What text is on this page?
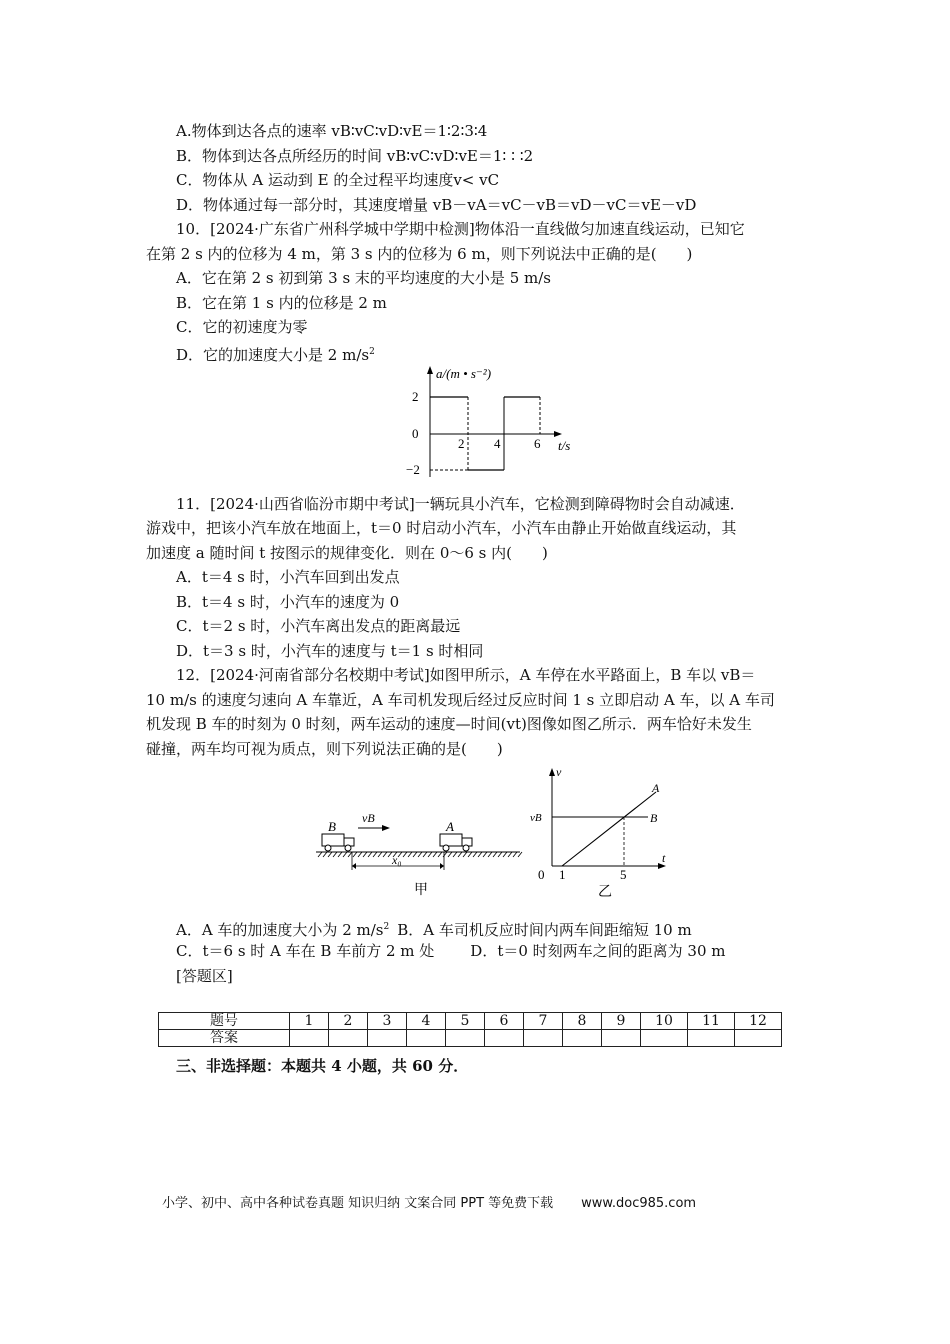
A.物体到达各点的速率 vB∶vC∶vD∶vE＝1∶2∶3∶4
B．物体到达各点所经历的时间 vB∶vC∶vD∶vE＝1∶ ∶ ∶2
C．物体从 A 运动到 E 的全过程平均速度v< vC
D．物体通过每一部分时，其速度增量 vB－vA＝vC－vB＝vD－vC＝vE－vD
10．[2024·广东省广州科学城中学期中检测]物体沿一直线做匀加速直线运动，已知它
在第 2 s 内的位移为 4 m，第 3 s 内的位移为 6 m，则下列说法中正确的是(　　)
A．它在第 2 s 初到第 3 s 末的平均速度的大小是 5 m/s
B．它在第 1 s 内的位移是 2 m
C．它的初速度为零
D．它的加速度大小是 2 $m/s^2$
a/(m • s⁻²)
2
0
−2
2 4	6 t/s
11．[2024·山西省临汾市期中考试]一辆玩具小汽车，它检测到障碍物时会自动减速．
游戏中，把该小汽车放在地面上，t＝0 时启动小汽车，小汽车由静止开始做直线运动，其
加速度 a 随时间 t 按图示的规律变化．则在 0～6 s 内(　　)
A．t＝4 s 时，小汽车回到出发点
B．t＝4 s 时，小汽车的速度为 0
C．t＝2 s 时，小汽车离出发点的距离最远
D．t＝3 s 时，小汽车的速度与 t＝1 s 时相同
12．[2024·河南省部分名校期中考试]如图甲所示，A 车停在水平路面上，B 车以 vB＝
10 m/s 的速度匀速向 A 车靠近，A 车司机发现后经过反应时间 1 s 立即启动 A 车，以 A 车司
机发现 B 车的时刻为 0 时刻，两车运动的速度—时间(vt)图像如图乙所示．两车恰好未发生
碰撞，两车均可视为质点，则下列说法正确的是(　　)
B
vB
A
x₀
甲
v
t
vB
A
B
0 1	5
乙
A．A 车的加速度大小为 2 $m/s^2$ B．A 车司机反应时间内两车间距缩短 10 m
C．t＝6 s 时 A 车在 B 车前方 2 m 处 D．t＝0 时刻两车之间的距离为 30 m
[答题区]
题号	1	2	3	4	5	6	7	8	9	10	11	12
答案												
三、非选择题：本题共 4 小题，共 60 分．
小学、初中、高中各种试卷真题 知识归纳 文案合同 PPT 等免费下载 www.doc985.com
